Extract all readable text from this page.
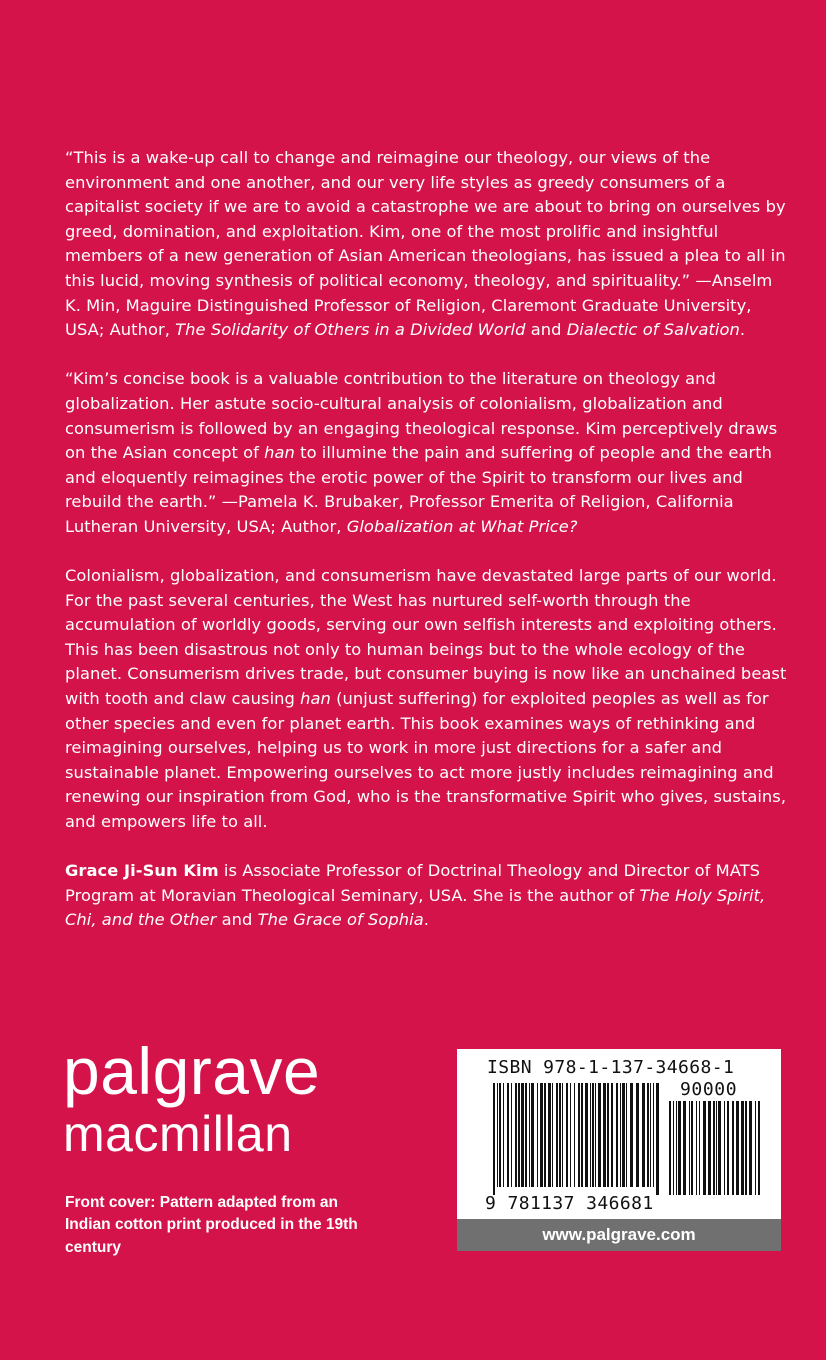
“This is a wake-up call to change and reimagine our theology, our views of the environment and one another, and our very life styles as greedy consumers of a capitalist society if we are to avoid a catastrophe we are about to bring on ourselves by greed, domination, and exploitation. Kim, one of the most prolific and insightful members of a new generation of Asian American theologians, has issued a plea to all in this lucid, moving synthesis of political economy, theology, and spirituality.” —Anselm K. Min, Maguire Distinguished Professor of Religion, Claremont Graduate University, USA; Author, The Solidarity of Others in a Divided World and Dialectic of Salvation.

“Kim’s concise book is a valuable contribution to the literature on theology and globalization. Her astute socio-cultural analysis of colonialism, globalization and consumerism is followed by an engaging theological response. Kim perceptively draws on the Asian concept of han to illumine the pain and suffering of people and the earth and eloquently reimagines the erotic power of the Spirit to transform our lives and rebuild the earth.” —Pamela K. Brubaker, Professor Emerita of Religion, California Lutheran University, USA; Author, Globalization at What Price?

Colonialism, globalization, and consumerism have devastated large parts of our world. For the past several centuries, the West has nurtured self-worth through the accumulation of worldly goods, serving our own selfish interests and exploiting others. This has been disastrous not only to human beings but to the whole ecology of the planet. Consumerism drives trade, but consumer buying is now like an unchained beast with tooth and claw causing han (unjust suffering) for exploited peoples as well as for other species and even for planet earth. This book examines ways of rethinking and reimagining ourselves, helping us to work in more just directions for a safer and sustainable planet. Empowering ourselves to act more justly includes reimagining and renewing our inspiration from God, who is the transformative Spirit who gives, sustains, and empowers life to all.

Grace Ji-Sun Kim is Associate Professor of Doctrinal Theology and Director of MATS Program at Moravian Theological Seminary, USA. She is the author of The Holy Spirit, Chi, and the Other and The Grace of Sophia.

palgrave
macmillan
Front cover: Pattern adapted from an Indian cotton print produced in the 19th century
ISBN 978-1-137-34668-1
90000
9 781137 346681
www.palgrave.com
